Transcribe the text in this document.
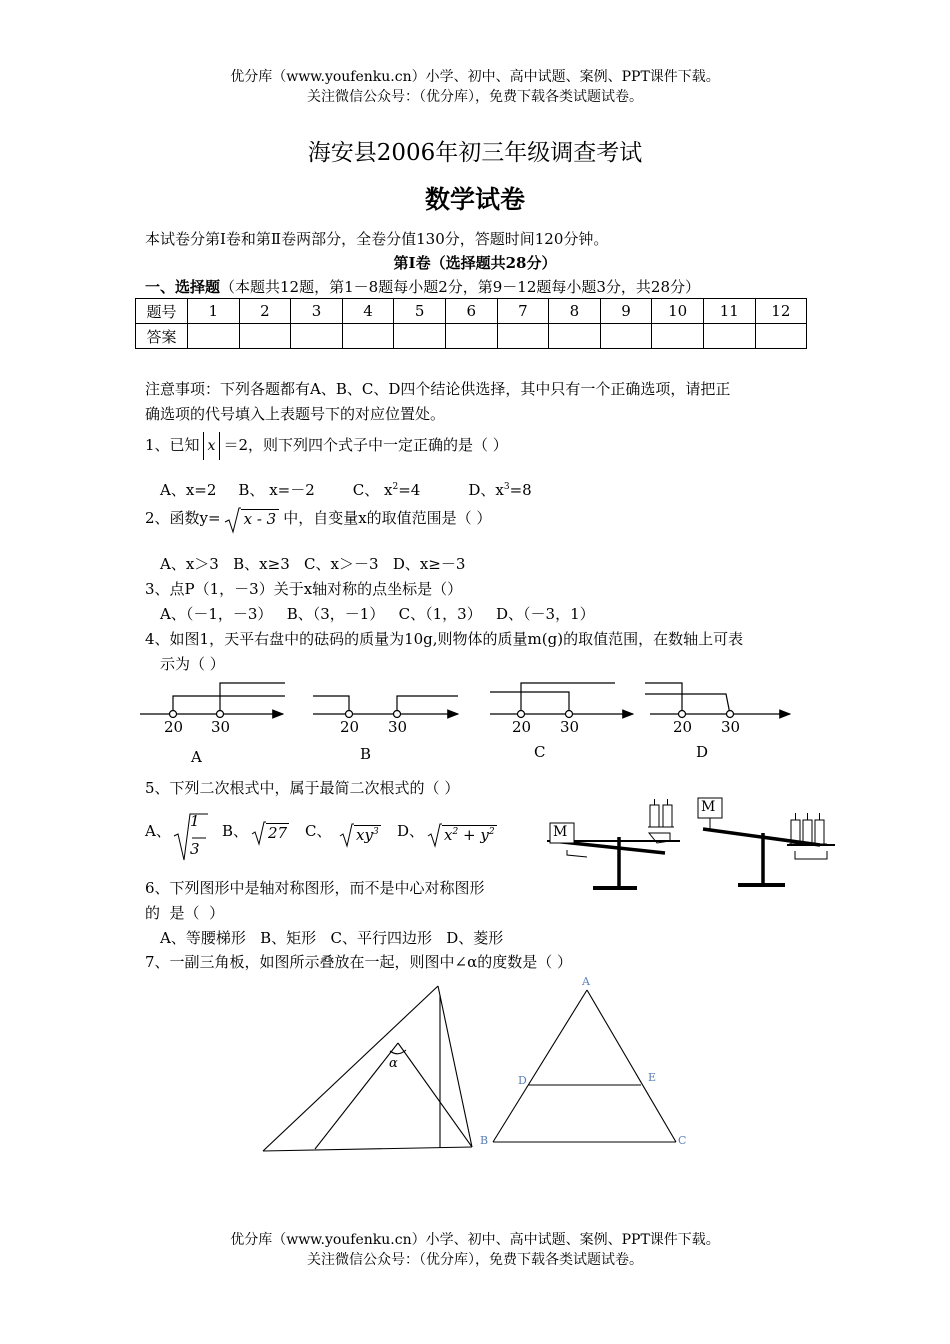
优分库（www.youfenku.cn）小学、初中、高中试题、案例、PPT课件下载。
关注微信公众号：（优分库），免费下载各类试题试卷。
海安县2006年初三年级调查考试
数学试卷
本试卷分第Ⅰ卷和第Ⅱ卷两部分，全卷分值130分，答题时间120分钟。
第Ⅰ卷（选择题共28分）
一、选择题（本题共12题，第1－8题每小题2分，第9－12题每小题3分，共28分）
题号	1	2	3	4	5	6	7	8	9	10	11	12
答案												
注意事项：下列各题都有A、B、C、D四个结论供选择，其中只有一个正确选项，请把正
确选项的代号填入上表题号下的对应位置处。
1、已知 x ＝2，则下列四个式子中一定正确的是（ ）
A、x=2 B、 x=－2	C、 $x^2=4$	D、$x^3=8$
2、函数y= x - 3 中，自变量x的取值范围是（ ）
A、x＞3   B、x≥3   C、x＞－3   D、x≥－3
3、点P（1，－3）关于x轴对称的点坐标是（）
A、（－1，－3）   B、（3，－1）   C、（1，3）   D、（－3，1）
4、如图1，天平右盘中的砝码的质量为10g,则物体的质量m(g)的取值范围，在数轴上可表
示为（ ）
20 30	20 30	20 30	20 30
A	B	C	D
5、下列二次根式中，属于最简二次根式的（ ）
A、
1
3
B、	27 C、	$xy^3$ D、	$x^2 + y^2$	M
M
6、下列图形中是轴对称图形，而不是中心对称图形
的  是（  ）
A、等腰梯形   B、矩形   C、平行四边形   D、菱形
7、一副三角板，如图所示叠放在一起，则图中∠α的度数是（ ）
α
A
B	C
D	E
优分库（www.youfenku.cn）小学、初中、高中试题、案例、PPT课件下载。
关注微信公众号：（优分库），免费下载各类试题试卷。
